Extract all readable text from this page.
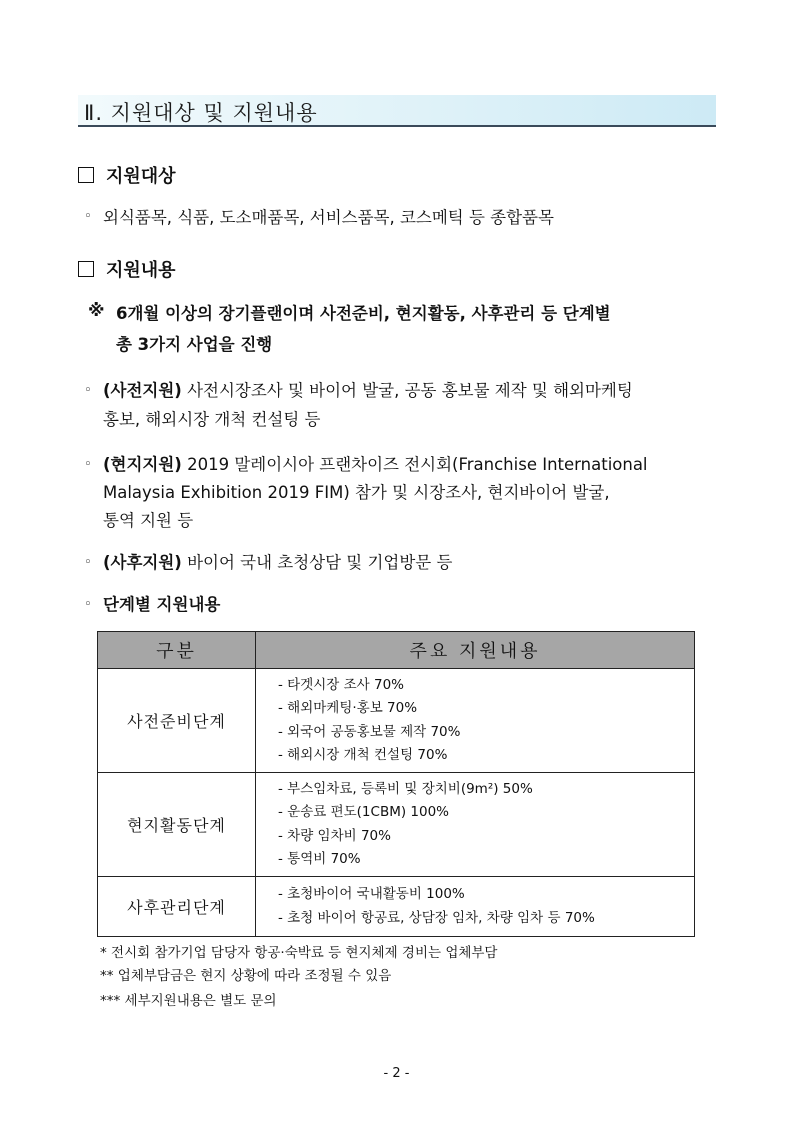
Ⅱ. 지원대상 및 지원내용
지원대상
◦ 외식품목, 식품, 도소매품목, 서비스품목, 코스메틱 등 종합품목
지원내용
※ 6개월 이상의 장기플랜이며 사전준비, 현지활동, 사후관리 등 단계별
총 3가지 사업을 진행
◦ (사전지원) 사전시장조사 및 바이어 발굴, 공동 홍보물 제작 및 해외마케팅
홍보, 해외시장 개척 컨설팅 등
◦ (현지지원) 2019 말레이시아 프랜차이즈 전시회(Franchise International
Malaysia Exhibition 2019 FIM) 참가 및 시장조사, 현지바이어 발굴,
통역 지원 등
◦ (사후지원) 바이어 국내 초청상담 및 기업방문 등
◦ 단계별 지원내용
구분	주요 지원내용
사전준비단계	- 타겟시장 조사 70%
- 해외마케팅·홍보 70%
- 외국어 공동홍보물 제작 70%
- 해외시장 개척 컨설팅 70%

현지활동단계	- 부스임차료, 등록비 및 장치비(9m²) 50%
- 운송료 편도(1CBM) 100%
- 차량 임차비 70%
- 통역비 70%

사후관리단계	- 초청바이어 국내활동비 100%
- 초청 바이어 항공료, 상담장 임차, 차량 임차 등 70%
* 전시회 참가기업 담당자 항공·숙박료 등 현지체제 경비는 업체부담
** 업체부담금은 현지 상황에 따라 조정될 수 있음
*** 세부지원내용은 별도 문의
- 2 -
